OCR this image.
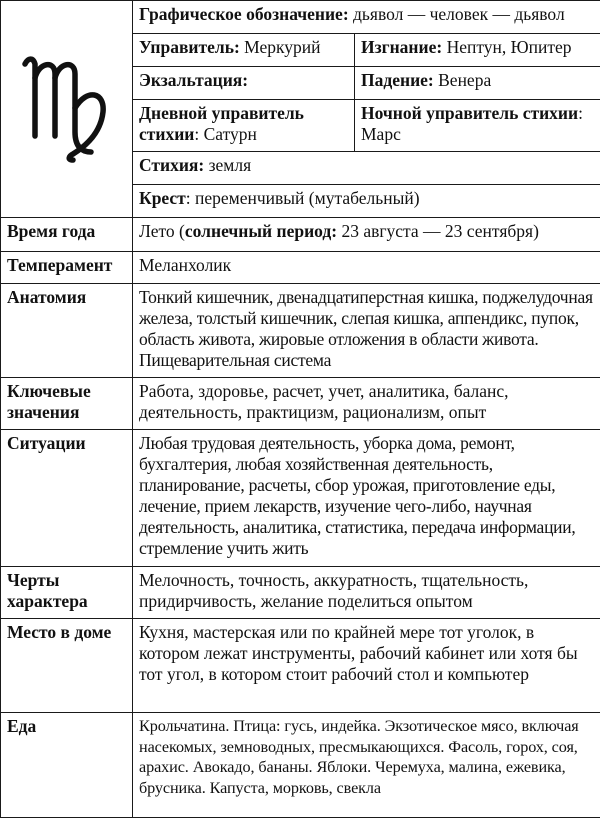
	Графическое обозначение: дьявол — человек — дьявол	
	Управитель: Меркурий	Изгнание: Нептун, Юпитер
	Экзальтация:	Падение: Венера
	Дневной управитель стихии: Сатурн	Ночной управитель стихии: Марс
	Стихия: земля	
	Крест: переменчивый (мутабельный)	
Время года	Лето (солнечный период: 23 августа — 23 сентября)	
Темперамент	Меланхолик	
Анатомия	Тонкий кишечник, двенадцатиперстная кишка, поджелудочная железа, толстый кишечник, слепая кишка, аппендикс, пупок, область живота, жировые отложения в области живота. Пищеварительная система	
Ключевые значения	Работа, здоровье, расчет, учет, аналитика, баланс, деятельность, практицизм, рационализм, опыт	
Ситуации	Любая трудовая деятельность, уборка дома, ремонт, бухгалтерия, любая хозяйственная деятельность, планирование, расчеты, сбор урожая, приготовление еды, лечение, прием лекарств, изучение чего-либо, научная деятельность, аналитика, статистика, передача информации, стремление учить жить	
Черты характера	Мелочность, точность, аккуратность, тщательность, придирчивость, желание поделиться опытом	
Место в доме	Кухня, мастерская или по крайней мере тот уголок, в котором лежат инструменты, рабочий кабинет или хотя бы тот угол, в котором стоит рабочий стол и компьютер	
Еда	Крольчатина. Птица: гусь, индейка. Экзотическое мясо, включая насекомых, земноводных, пресмыкающихся. Фасоль, горох, соя, арахис. Авокадо, бананы. Яблоки. Черемуха, малина, ежевика, брусника. Капуста, морковь, свекла	
